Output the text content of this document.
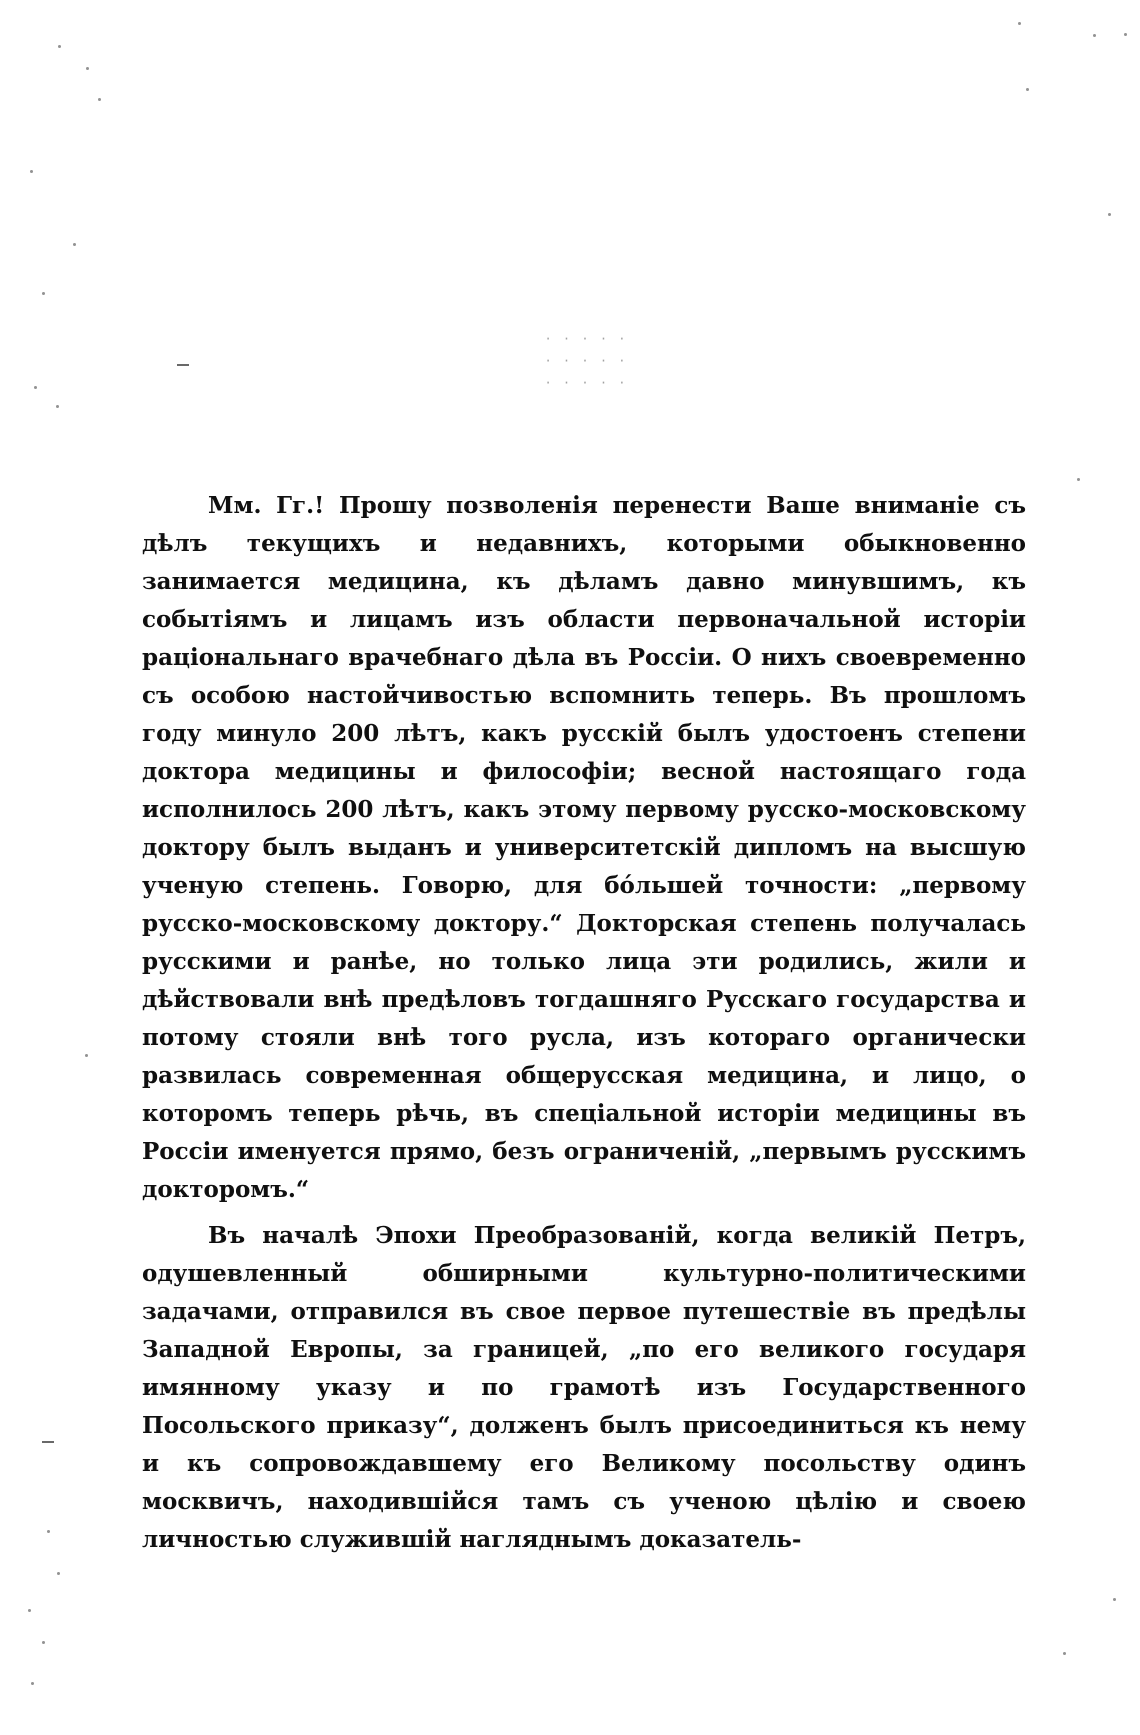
· · · · ·
· · · · ·
· · · · ·

Мм. Гг.! Прошу позволенія перенести Ваше вниманіе съ дѣлъ текущихъ и недавнихъ, которыми обыкновенно занимается медицина, къ дѣламъ давно минувшимъ, къ событіямъ и лицамъ изъ области первоначальной исторіи раціональнаго врачебнаго дѣла въ Россіи. О нихъ своевременно съ особою настойчивостью вспомнить теперь. Въ прошломъ году минуло 200 лѣтъ, какъ русскій былъ удостоенъ степени доктора медицины и философіи; весной настоящаго года исполнилось 200 лѣтъ, какъ этому первому русско-московскому доктору былъ выданъ и университетскій дипломъ на высшую ученую степень. Говорю, для бóльшей точности: „первому русско-московскому доктору.“ Докторская степень получалась русскими и ранѣе, но только лица эти родились, жили и дѣйствовали внѣ предѣловъ тогдашняго Русскаго государства и потому стояли внѣ того русла, изъ котораго органически развилась современная общерусская медицина, и лицо, о которомъ теперь рѣчь, въ спеціальной исторіи медицины въ Россіи именуется прямо, безъ ограниченій, „первымъ русскимъ докторомъ.“

Въ началѣ Эпохи Преобразованій, когда великій Петръ, одушевленный обширными культурно-политическими задачами, отправился въ свое первое путешествіе въ предѣлы Западной Европы, за границей, „по его великого государя имянному указу и по грамотѣ изъ Государственного Посольского приказу“, долженъ былъ присоединиться къ нему и къ сопровождавшему его Великому посольству одинъ москвичъ, находившійся тамъ съ ученою цѣлію и своею личностью служившій нагляднымъ доказатель-
